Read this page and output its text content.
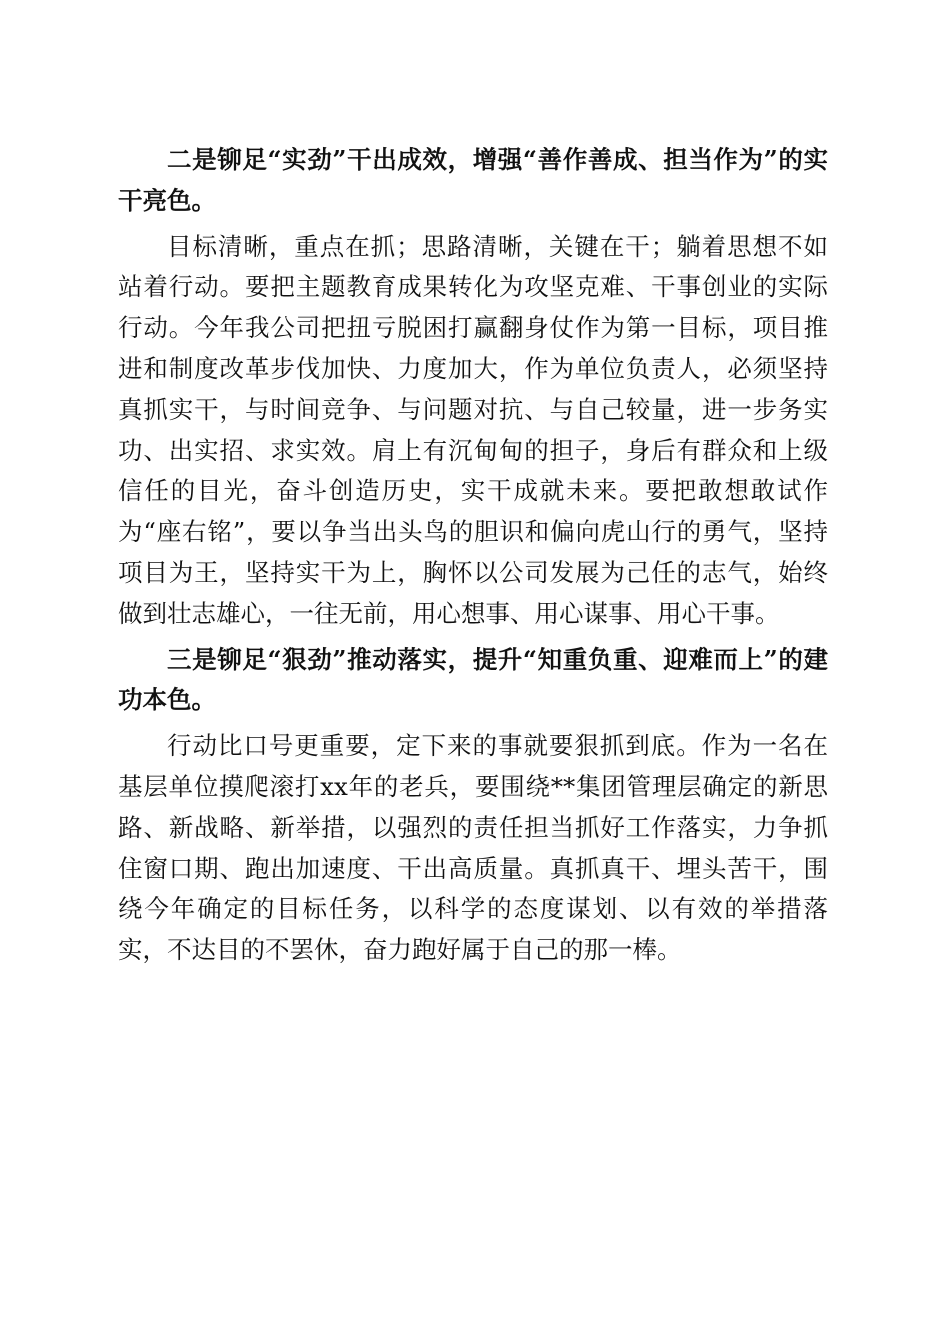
二是铆足“实劲”干出成效，增强“善作善成、担当作为”的实干亮色。

目标清晰，重点在抓；思路清晰，关键在干；躺着思想不如站着行动。要把主题教育成果转化为攻坚克难、干事创业的实际行动。今年我公司把扭亏脱困打赢翻身仗作为第一目标，项目推进和制度改革步伐加快、力度加大，作为单位负责人，必须坚持真抓实干，与时间竞争、与问题对抗、与自己较量，进一步务实功、出实招、求实效。肩上有沉甸甸的担子，身后有群众和上级信任的目光，奋斗创造历史，实干成就未来。要把敢想敢试作为“座右铭”，要以争当出头鸟的胆识和偏向虎山行的勇气，坚持项目为王，坚持实干为上，胸怀以公司发展为己任的志气，始终做到壮志雄心，一往无前，用心想事、用心谋事、用心干事。

三是铆足“狠劲”推动落实，提升“知重负重、迎难而上”的建功本色。

行动比口号更重要，定下来的事就要狠抓到底。作为一名在基层单位摸爬滚打xx年的老兵，要围绕**集团管理层确定的新思路、新战略、新举措，以强烈的责任担当抓好工作落实，力争抓住窗口期、跑出加速度、干出高质量。真抓真干、埋头苦干，围绕今年确定的目标任务，以科学的态度谋划、以有效的举措落实，不达目的不罢休，奋力跑好属于自己的那一棒。
